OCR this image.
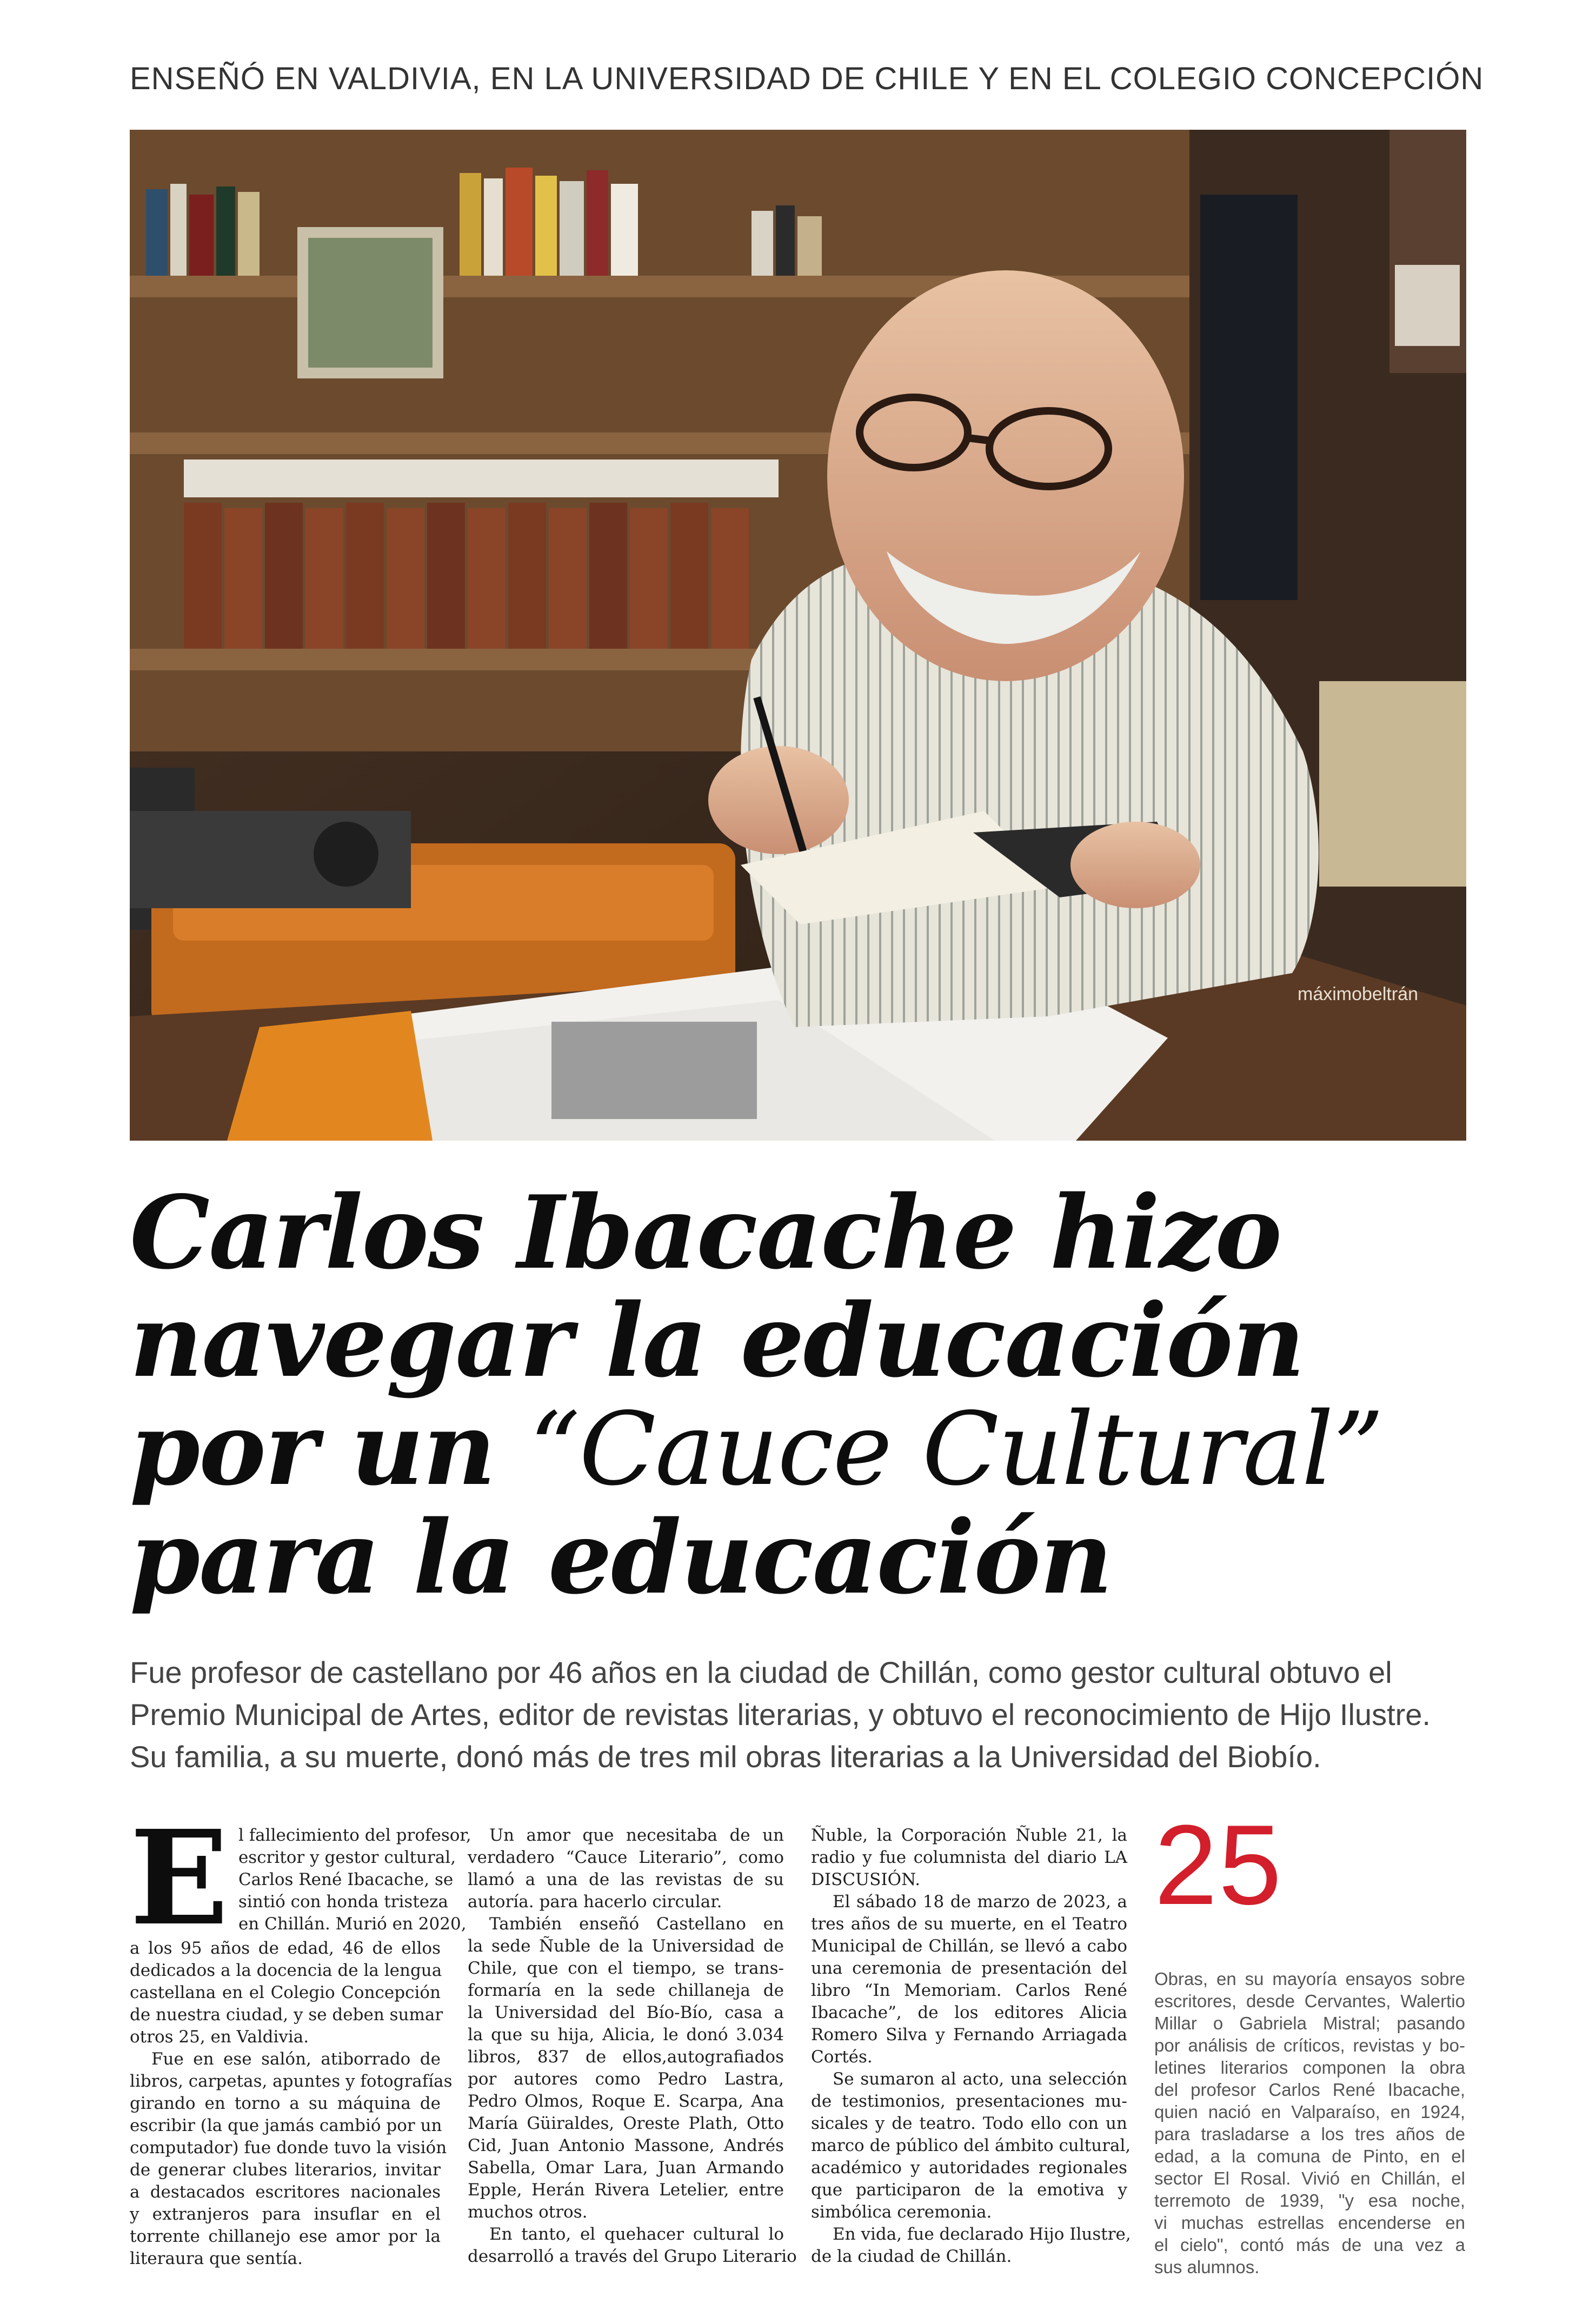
ENSEÑÓ EN VALDIVIA, EN LA UNIVERSIDAD DE CHILE Y EN EL COLEGIO CONCEPCIÓN
máximobeltrán
Carlos Ibacache hizo
navegar la educación
por un “Cauce Cultural”
para la educación
Fue profesor de castellano por 46 años en la ciudad de Chillán, como gestor cultural obtuvo el
Premio Municipal de Artes, editor de revistas literarias, y obtuvo el reconocimiento de Hijo Ilustre.
Su familia, a su muerte, donó más de tres mil obras literarias a la Universidad del Biobío.
E l fallecimiento del profesor,
escritor y gestor cultural,
Carlos René Ibacache, se
sintió con honda tristeza
en Chillán. Murió en 2020,
a los 95 años de edad, 46 de ellos
dedicados a la docencia de la lengua
castellana en el Colegio Concepción
de nuestra ciudad, y se deben sumar
otros 25, en Valdivia.
Fue en ese salón, atiborrado de
libros, carpetas, apuntes y fotografías
girando en torno a su máquina de
escribir (la que jamás cambió por un
computador) fue donde tuvo la visión
de generar clubes literarios, invitar
a destacados escritores nacionales
y extranjeros para insuflar en el
torrente chillanejo ese amor por la
literaura que sentía.
Un amor que necesitaba de un
verdadero “Cauce Literario”, como
llamó a una de las revistas de su
autoría. para hacerlo circular.
También enseñó Castellano en
la sede Ñuble de la Universidad de
Chile, que con el tiempo, se trans-
formaría en la sede chillaneja de
la Universidad del Bío-Bío, casa a
la que su hija, Alicia, le donó 3.034
libros, 837 de ellos,autografiados
por autores como Pedro Lastra,
Pedro Olmos, Roque E. Scarpa, Ana
María Güiraldes, Oreste Plath, Otto
Cid, Juan Antonio Massone, Andrés
Sabella, Omar Lara, Juan Armando
Epple, Herán Rivera Letelier, entre
muchos otros.
En tanto, el quehacer cultural lo
desarrolló a través del Grupo Literario
Ñuble, la Corporación Ñuble 21, la
radio y fue columnista del diario LA
DISCUSIÓN.
El sábado 18 de marzo de 2023, a
tres años de su muerte, en el Teatro
Municipal de Chillán, se llevó a cabo
una ceremonia de presentación del
libro “In Memoriam. Carlos René
Ibacache”, de los editores Alicia
Romero Silva y Fernando Arriagada
Cortés.
Se sumaron al acto, una selección
de testimonios, presentaciones mu-
sicales y de teatro. Todo ello con un
marco de público del ámbito cultural,
académico y autoridades regionales
que participaron de la emotiva y
simbólica ceremonia.
En vida, fue declarado Hijo Ilustre,
de la ciudad de Chillán.
25
Obras, en su mayoría ensayos sobre
escritores, desde Cervantes, Walertio
Millar o Gabriela Mistral; pasando
por análisis de críticos, revistas y bo-
letines literarios componen la obra
del profesor Carlos René Ibacache,
quien nació en Valparaíso, en 1924,
para trasladarse a los tres años de
edad, a la comuna de Pinto, en el
sector El Rosal. Vivió en Chillán, el
terremoto de 1939, "y esa noche,
vi muchas estrellas encenderse en
el cielo", contó más de una vez a
sus alumnos.
